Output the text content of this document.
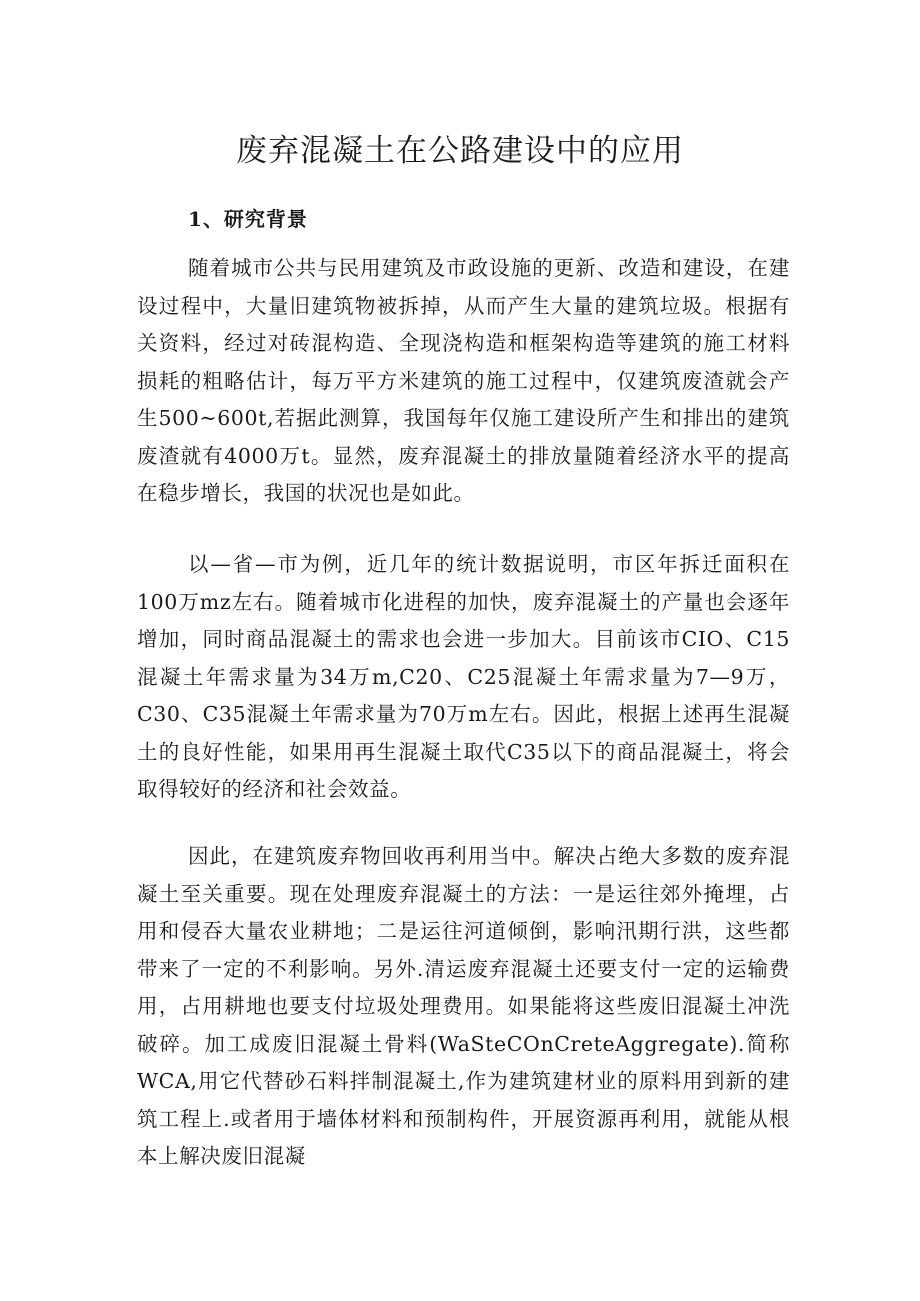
废弃混凝土在公路建设中的应用
1、研究背景

随着城市公共与民用建筑及市政设施的更新、改造和建设，在建设过程中，大量旧建筑物被拆掉，从而产生大量的建筑垃圾。根据有关资料，经过对砖混构造、全现浇构造和框架构造等建筑的施工材料损耗的粗略估计，每万平方米建筑的施工过程中，仅建筑废渣就会产生500~600t,若据此测算，我国每年仅施工建设所产生和排出的建筑废渣就有4000万t。显然，废弃混凝土的排放量随着经济水平的提高在稳步增长，我国的状况也是如此。

以—省—市为例，近几年的统计数据说明，市区年拆迁面积在100万mz左右。随着城市化进程的加快，废弃混凝土的产量也会逐年增加，同时商品混凝土的需求也会进一步加大。目前该市CIO、C15混凝土年需求量为34万m,C20、C25混凝土年需求量为7—9万，C30、C35混凝土年需求量为70万m左右。因此，根据上述再生混凝土的良好性能，如果用再生混凝土取代C35以下的商品混凝土，将会取得较好的经济和社会效益。

因此，在建筑废弃物回收再利用当中。解决占绝大多数的废弃混凝土至关重要。现在处理废弃混凝土的方法：一是运往郊外掩埋，占用和侵吞大量农业耕地；二是运往河道倾倒，影响汛期行洪，这些都带来了一定的不利影响。另外.清运废弃混凝土还要支付一定的运输费用，占用耕地也要支付垃圾处理费用。如果能将这些废旧混凝土冲洗破碎。加工成废旧混凝土骨料(WaSteCOnCreteAggregate).简称WCA,用它代替砂石料拌制混凝土,作为建筑建材业的原料用到新的建筑工程上.或者用于墙体材料和预制构件，开展资源再利用，就能从根本上解决废旧混凝
